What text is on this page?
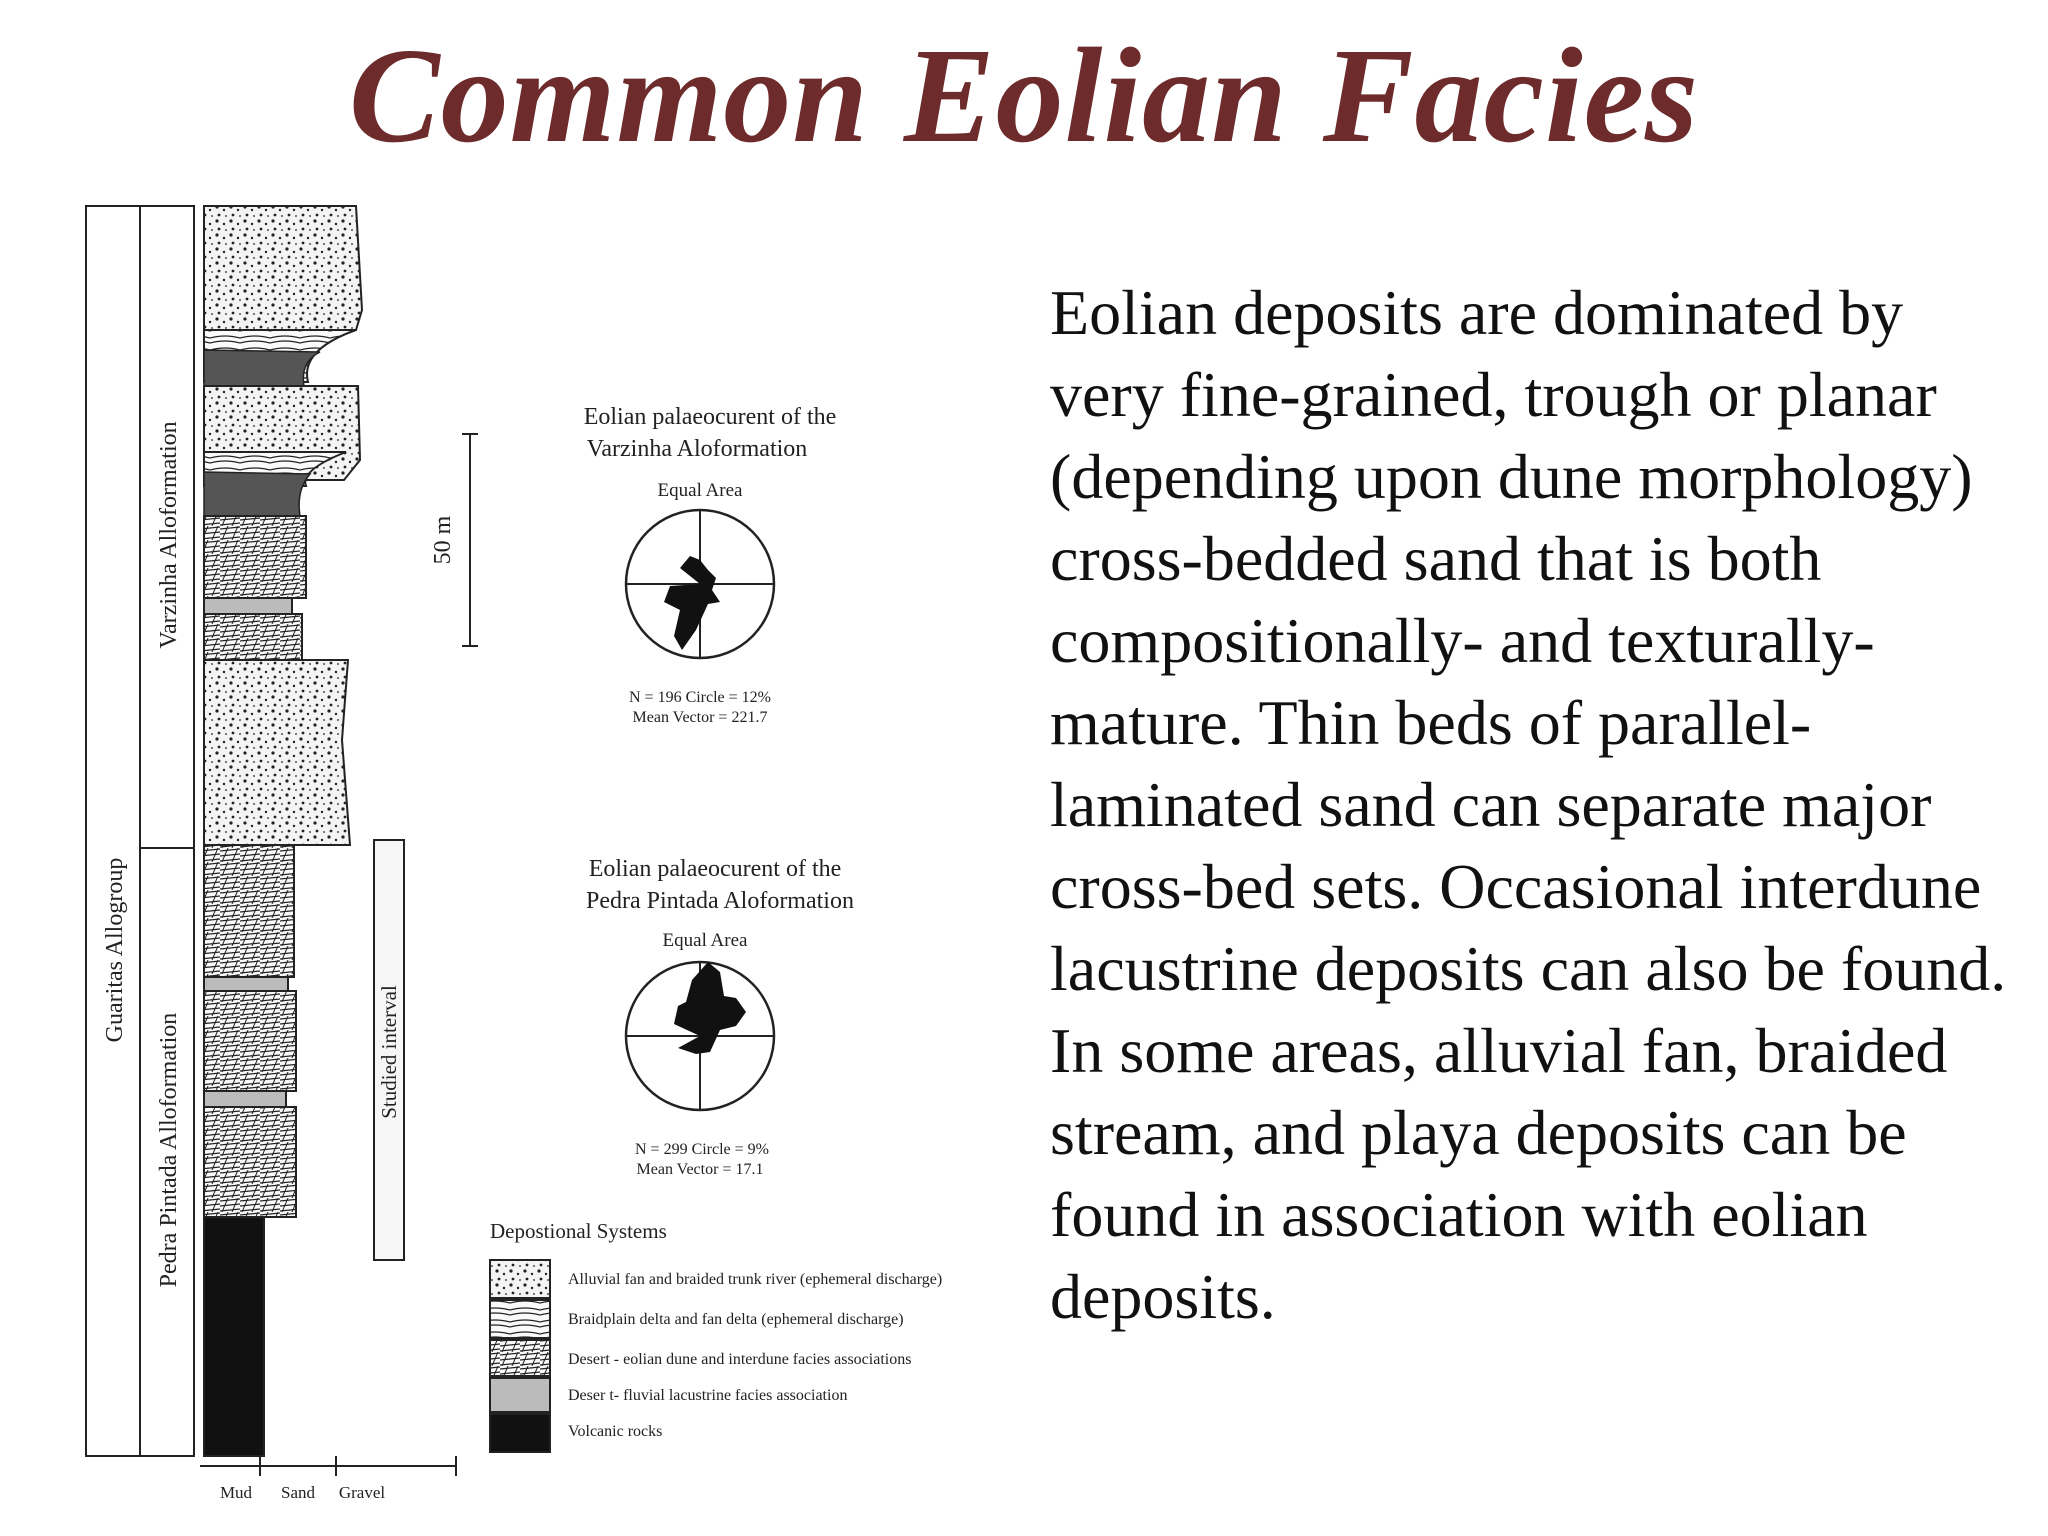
Common Eolian Facies
Guaritas Allogroup
Varzinha Alloformation
Pedra Pintada Alloformation
Mud Sand Gravel
Studied interval
50 m
Eolian palaeocurent of the
Varzinha Aloformation
Equal Area
N = 196 Circle = 12%
Mean Vector = 221.7
Eolian palaeocurent of the
Pedra Pintada Aloformation
Equal Area
N = 299 Circle = 9%
Mean Vector = 17.1
Depostional Systems
Alluvial fan and braided trunk river (ephemeral discharge)
Braidplain delta and fan delta (ephemeral discharge)
Desert - eolian dune and interdune facies associations
Deser t- fluvial lacustrine facies association
Volcanic rocks
Eolian deposits are dominated by very fine-grained, trough or planar (depending upon dune morphology) cross-bedded sand that is both compositionally- and texturally-mature. Thin beds of parallel-laminated sand can separate major cross-bed sets. Occasional interdune lacustrine deposits can also be found. In some areas, alluvial fan, braided stream, and playa deposits can be found in association with eolian deposits.
